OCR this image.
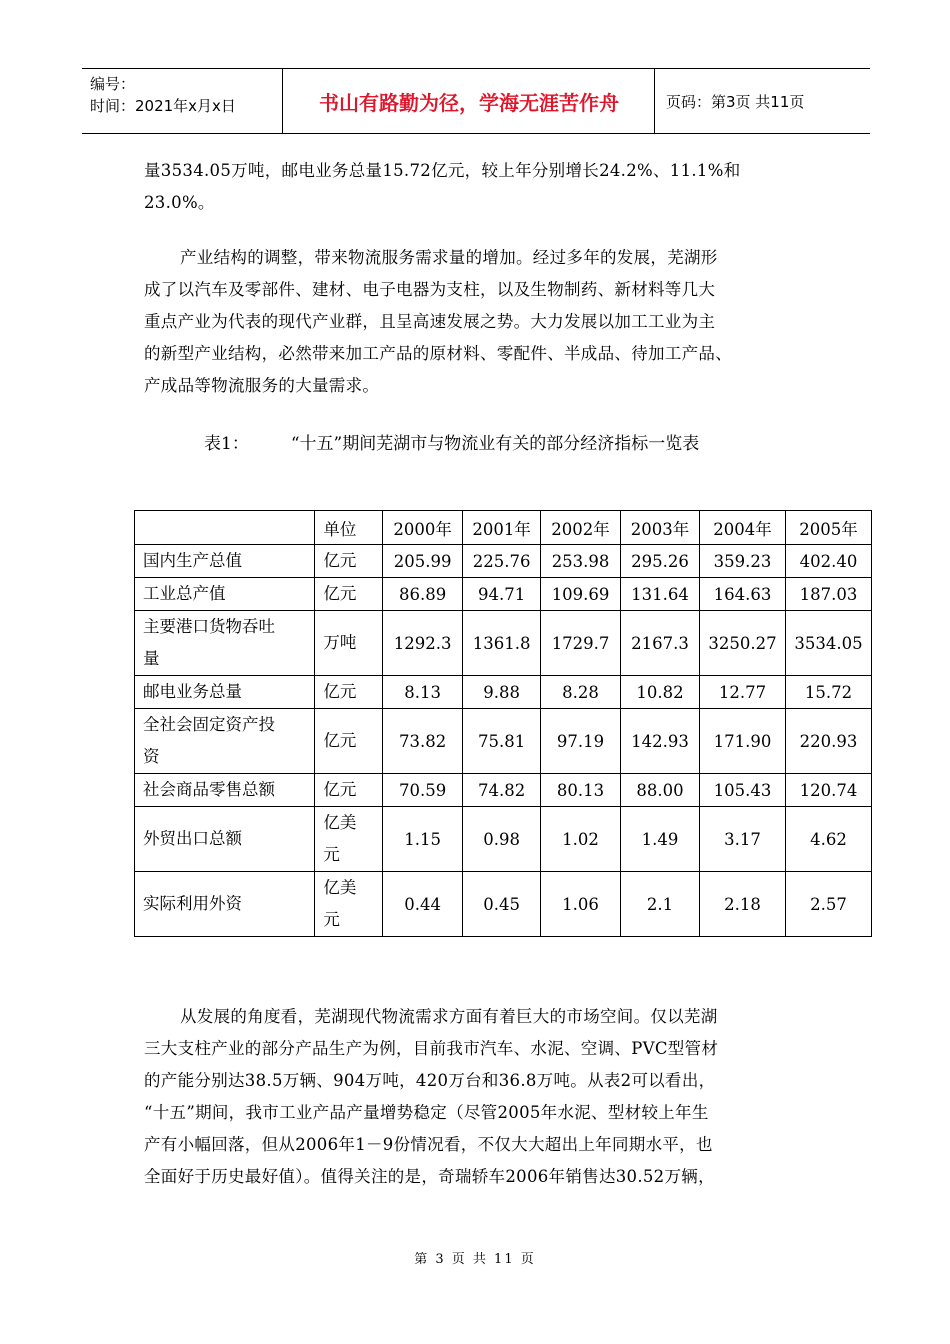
编号：
时间：2021年x月x日	书山有路勤为径，学海无涯苦作舟	页码：第3页 共11页
量3534.05万吨，邮电业务总量15.72亿元，较上年分别增长24.2%、11.1%和
23.0%。
产业结构的调整，带来物流服务需求量的增加。经过多年的发展，芜湖形
成了以汽车及零部件、建材、电子电器为支柱，以及生物制药、新材料等几大
重点产业为代表的现代产业群，且呈高速发展之势。大力发展以加工工业为主
的新型产业结构，必然带来加工产品的原材料、零配件、半成品、待加工产品、
产成品等物流服务的大量需求。
表1： “十五”期间芜湖市与物流业有关的部分经济指标一览表
	单位	2000年	2001年	2002年	2003年	2004年	2005年

国内生产总值	亿元	205.99	225.76	253.98	295.26	359.23	402.40

工业总产值	亿元	86.89	94.71	109.69	131.64	164.63	187.03

主要港口货物吞吐
量	万吨	1292.3	1361.8	1729.7	2167.3	3250.27	3534.05

邮电业务总量	亿元	8.13	9.88	8.28	10.82	12.77	15.72

全社会固定资产投
资	亿元	73.82	75.81	97.19	142.93	171.90	220.93

社会商品零售总额	亿元	70.59	74.82	80.13	88.00	105.43	120.74

外贸出口总额	亿美
元	1.15	0.98	1.02	1.49	3.17	4.62

实际利用外资	亿美
元	0.44	0.45	1.06	2.1	2.18	2.57
从发展的角度看，芜湖现代物流需求方面有着巨大的市场空间。仅以芜湖
三大支柱产业的部分产品生产为例，目前我市汽车、水泥、空调、PVC型管材
的产能分别达38.5万辆、904万吨，420万台和36.8万吨。从表2可以看出，
“十五”期间，我市工业产品产量增势稳定（尽管2005年水泥、型材较上年生
产有小幅回落，但从2006年1－9份情况看，不仅大大超出上年同期水平，也
全面好于历史最好值）。值得关注的是，奇瑞轿车2006年销售达30.52万辆，
第 3 页 共 11 页
